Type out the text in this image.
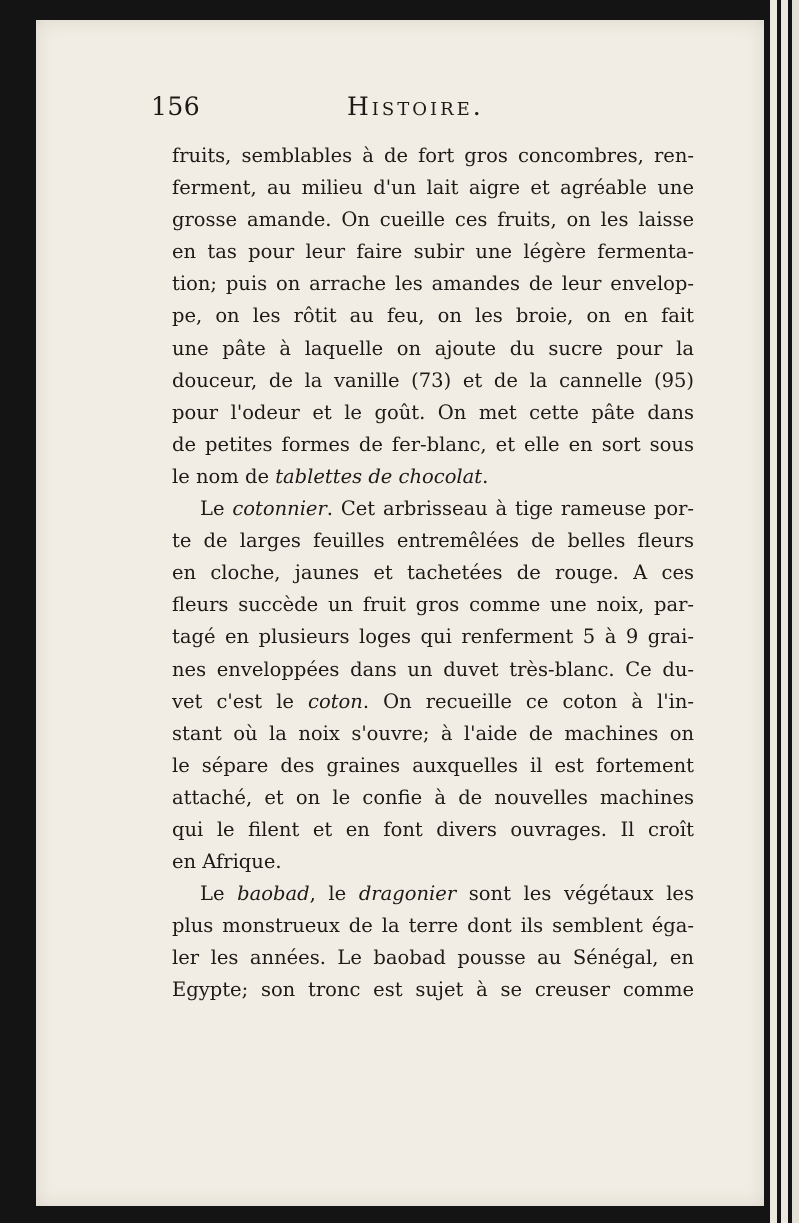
156	Histoire.
fruits, semblables à de fort gros concombres, ren-
ferment, au milieu d'un lait aigre et agréable une
grosse amande. On cueille ces fruits, on les laisse
en tas pour leur faire subir une légère fermenta-
tion; puis on arrache les amandes de leur envelop-
pe, on les rôtit au feu, on les broie, on en fait
une pâte à laquelle on ajoute du sucre pour la
douceur, de la vanille (73) et de la cannelle (95)
pour l'odeur et le goût. On met cette pâte dans
de petites formes de fer-blanc, et elle en sort sous
le nom de tablettes de chocolat.
Le cotonnier. Cet arbrisseau à tige rameuse por-
te de larges feuilles entremêlées de belles fleurs
en cloche, jaunes et tachetées de rouge. A ces
fleurs succède un fruit gros comme une noix, par-
tagé en plusieurs loges qui renferment 5 à 9 grai-
nes enveloppées dans un duvet très-blanc. Ce du-
vet c'est le coton. On recueille ce coton à l'in-
stant où la noix s'ouvre; à l'aide de machines on
le sépare des graines auxquelles il est fortement
attaché, et on le confie à de nouvelles machines
qui le filent et en font divers ouvrages. Il croît
en Afrique.
Le baobad, le dragonier sont les végétaux les
plus monstrueux de la terre dont ils semblent éga-
ler les années. Le baobad pousse au Sénégal, en
Egypte; son tronc est sujet à se creuser comme
